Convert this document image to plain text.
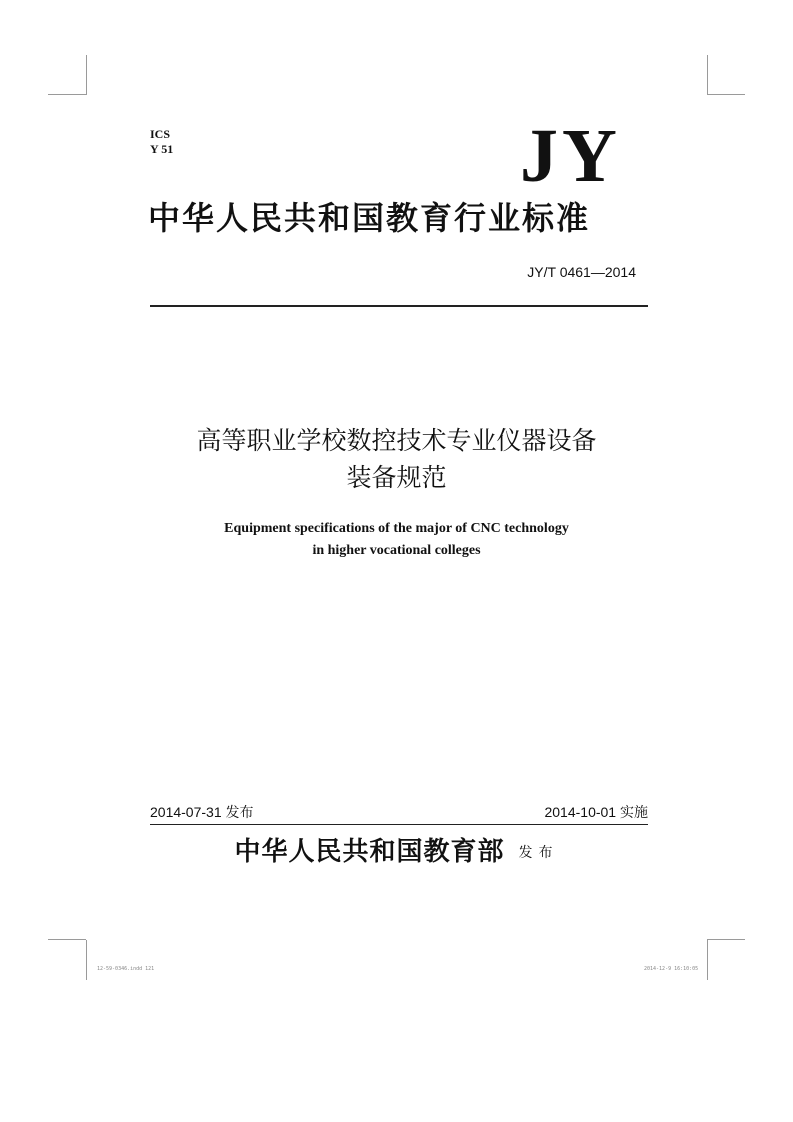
ICS
Y 51	JY
中华人民共和国教育行业标准
JY/T 0461—2014
高等职业学校数控技术专业仪器设备
装备规范
Equipment specifications of the major of CNC technology
in higher vocational colleges
2014-07-31 发布	2014-10-01 实施
中华人民共和国教育部 发布
12-59-0346.indd 121	2014-12-9 16:10:05
